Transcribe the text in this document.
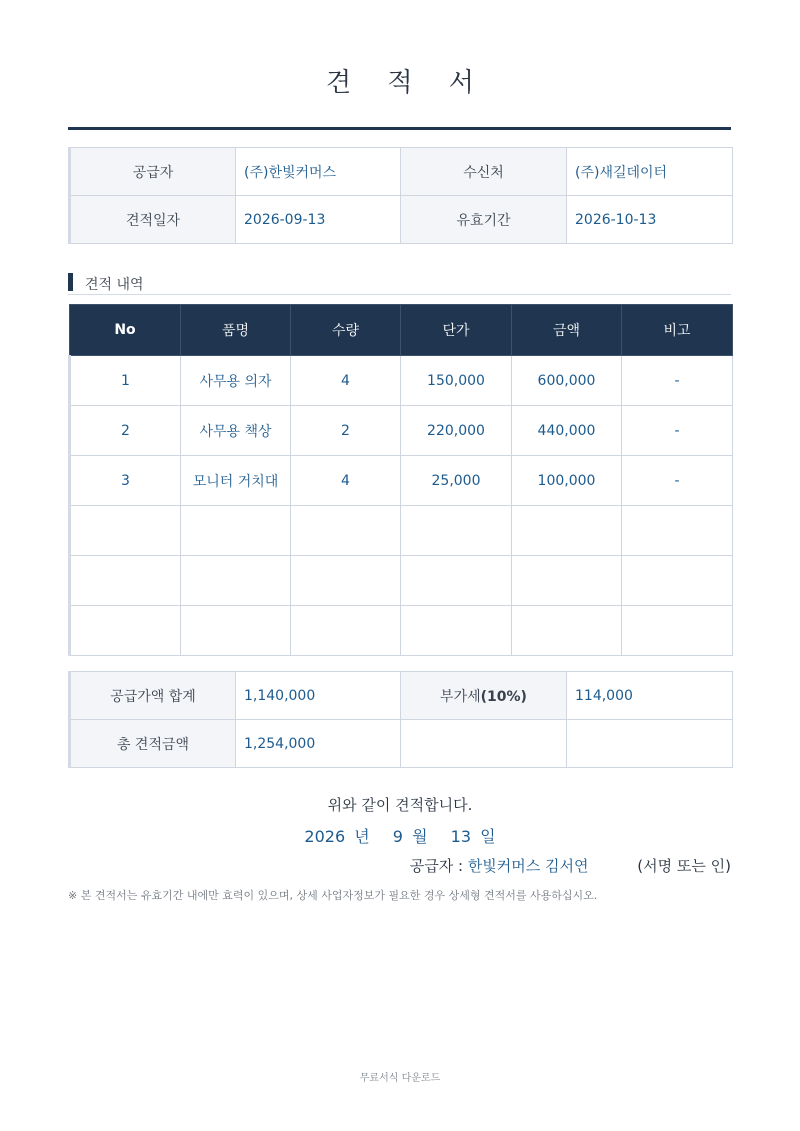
견 적 서
공급자	(주)한빛커머스	수신처	(주)새길데이터
견적일자	2026-09-13	유효기간	2026-10-13
견적 내역
No	품명	수량	단가	금액	비고
1	사무용 의자	4	150,000	600,000	-
2	사무용 책상	2	220,000	440,000	-
3	모니터 거치대	4	25,000	100,000	-

공급가액 합계	1,140,000	부가세(10%)	114,000
총 견적금액	1,254,000		
위와 같이 견적합니다.
2026 년 9 월 13 일
공급자 : 한빛커머스 김서연	(서명 또는 인)
※ 본 견적서는 유효기간 내에만 효력이 있으며, 상세 사업자정보가 필요한 경우 상세형 견적서를 사용하십시오.
무료서식 다운로드
